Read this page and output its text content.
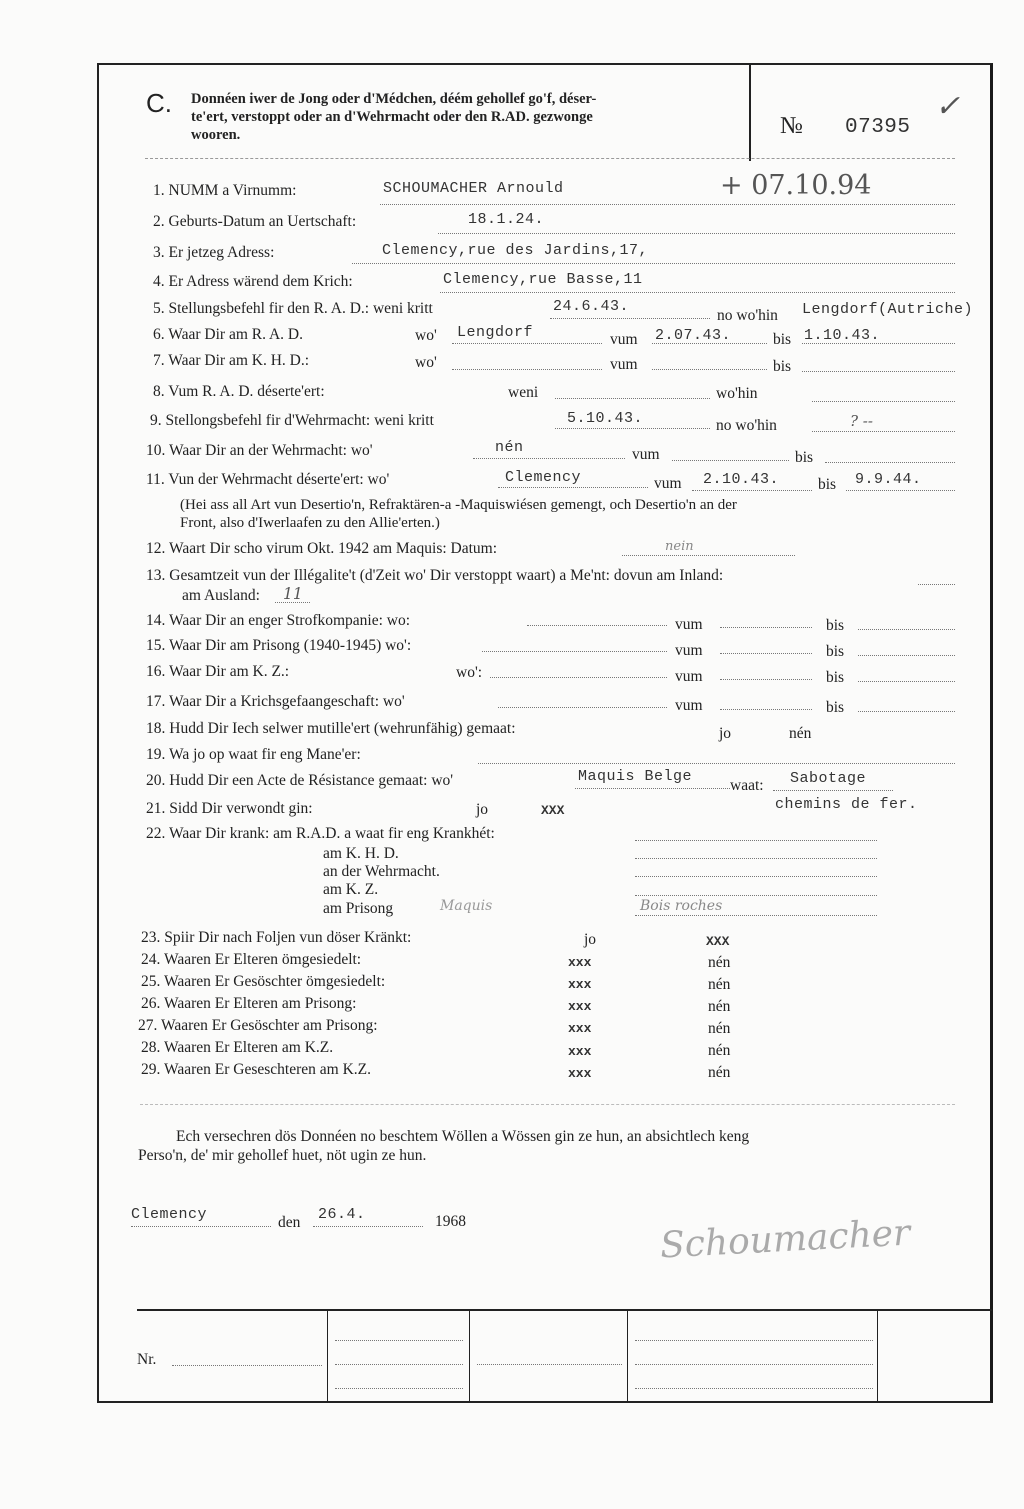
C. Donnéen iwer de Jong oder d'Médchen, déém gehollef go'f, déser-
te'ert, verstoppt oder an d'Wehrmacht oder den R.AD. gezwonge
wooren.	№ 07395
✓
1. NUMM a Virnumm:	SCHOUMACHER Arnould	+ 07.10.94
2. Geburts-Datum an Uertschaft:	18.1.24.
3. Er jetzeg Adress:	Clemency,rue des Jardins,17,
4. Er Adress wärend dem Krich:	Clemency,rue Basse,11
5. Stellungsbefehl fir den R. A. D.: weni kritt	24.6.43.
no wo'hin Lengdorf(Autriche)
6. Waar Dir am R. A. D.	wo' Lengdorf	vum 2.07.43.	bis 1.10.43.
7. Waar Dir am K. H. D.:	wo'	vum	bis
8. Vum R. A. D. déserte'ert:	weni	wo'hin
9. Stellongsbefehl fir d'Wehrmacht: weni kritt	5.10.43.	no wo'hin	? --
10. Waar Dir an der Wehrmacht: wo'	nén	vum	bis
11. Vun der Wehrmacht déserte'ert: wo'	Clemency	vum 2.10.43.	bis 9.9.44.
(Hei ass all Art vun Desertio'n, Refraktären-a -Maquiswiésen gemengt, och Desertio'n an der
Front, also d'Iwerlaafen zu den Allie'erten.)
12. Waart Dir scho virum Okt. 1942 am Maquis: Datum:	nein
13. Gesamtzeit vun der Illégalite't (d'Zeit wo' Dir verstoppt waart) a Me'nt: dovun am Inland:
am Ausland: 11
14. Waar Dir an enger Strofkompanie: wo:	vum	bis
15. Waar Dir am Prisong (1940-1945) wo':	vum	bis
16. Waar Dir am K. Z.:	wo':	vum	bis
17. Waar Dir a Krichsgefaangeschaft: wo'	vum	bis
18. Hudd Dir Iech selwer mutille'ert (wehrunfähig) gemaat:	jo	nén
19. Wa jo op waat fir eng Mane'er:
20. Hudd Dir een Acte de Résistance gemaat: wo'	Maquis Belge
waat: Sabotage
chemins de fer.
21. Sidd Dir verwondt gin:	jo	XXX
22. Waar Dir krank: am R.A.D. a waat fir eng Krankhét:
am K. H. D.
an der Wehrmacht.
am K. Z.
am Prisong	Maquis	Bois roches
23. Spiir Dir nach Foljen vun döser Kränkt:	jo	XXX
24. Waaren Er Elteren ömgesiedelt:	xxx	nén
25. Waaren Er Gesöschter ömgesiedelt:	xxx	nén
26. Waaren Er Elteren am Prisong:	xxx	nén
27. Waaren Er Gesöschter am Prisong:	xxx	nén
28. Waaren Er Elteren am K.Z.	xxx	nén
29. Waaren Er Geseschteren am K.Z.	xxx	nén
Ech versechren dös Donnéen no beschtem Wöllen a Wössen gin ze hun, an absichtlech keng
Perso'n, de' mir gehollef huet, nöt ugin ze hun.
Clemency	den 26.4.	1968	Schoumacher
Nr.
